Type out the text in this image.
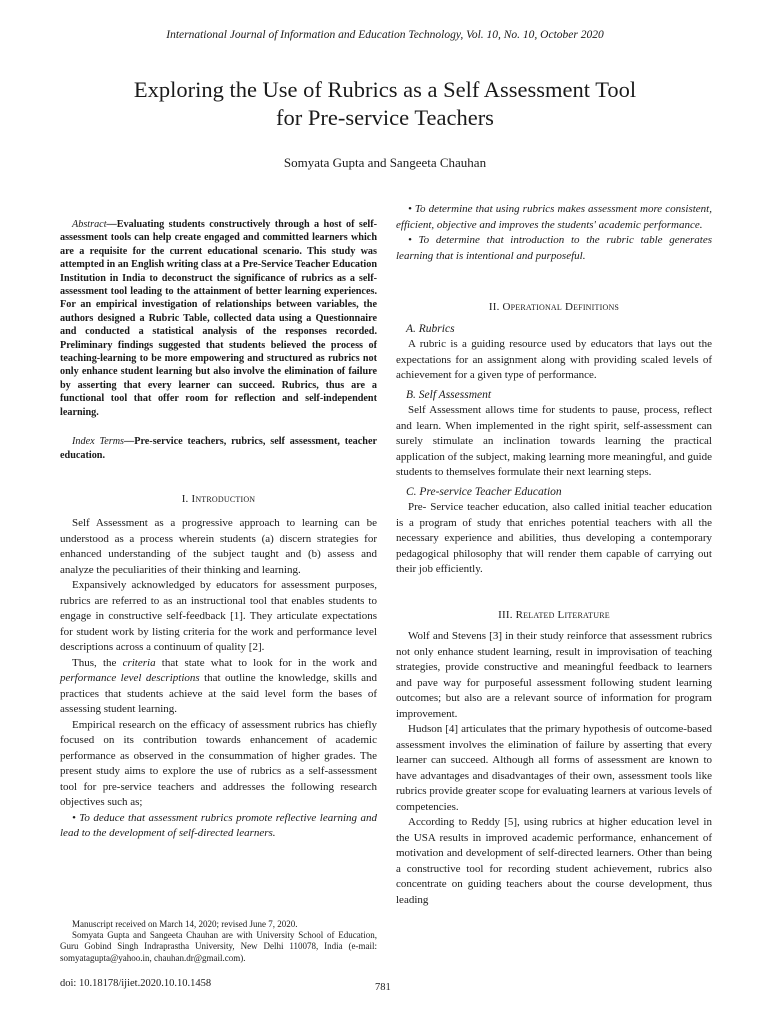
International Journal of Information and Education Technology, Vol. 10, No. 10, October 2020
Exploring the Use of Rubrics as a Self Assessment Tool
for Pre-service Teachers
Somyata Gupta and Sangeeta Chauhan

Abstract—Evaluating students constructively through a host of self-assessment tools can help create engaged and committed learners which are a requisite for the current educational scenario. This study was attempted in an English writing class at a Pre-Service Teacher Education Institution in India to deconstruct the significance of rubrics as a self-assessment tool leading to the attainment of better learning experiences. For an empirical investigation of relationships between variables, the authors designed a Rubric Table, collected data using a Questionnaire and conducted a statistical analysis of the responses recorded. Preliminary findings suggested that students believed the process of teaching-learning to be more empowering and structured as rubrics not only enhance student learning but also involve the elimination of failure by asserting that every learner can succeed. Rubrics, thus are a functional tool that offer room for reflection and self-independent learning.

Index Terms—Pre-service teachers, rubrics, self assessment, teacher education.

I. Introduction

Self Assessment as a progressive approach to learning can be understood as a process wherein students (a) discern strategies for enhanced understanding of the subject taught and (b) assess and analyze the peculiarities of their thinking and learning.

Expansively acknowledged by educators for assessment purposes, rubrics are referred to as an instructional tool that enables students to engage in constructive self-feedback [1]. They articulate expectations for student work by listing criteria for the work and performance level descriptions across a continuum of quality [2].

Thus, the criteria that state what to look for in the work and performance level descriptions that outline the knowledge, skills and practices that students achieve at the said level form the bases of assessing student learning.

Empirical research on the efficacy of assessment rubrics has chiefly focused on its contribution towards enhancement of academic performance as observed in the consummation of higher grades. The present study aims to explore the use of rubrics as a self-assessment tool for pre-service teachers and addresses the following research objectives such as;

• To deduce that assessment rubrics promote reflective learning and lead to the development of self-directed learners.

• To determine that using rubrics makes assessment more consistent, efficient, objective and improves the students' academic performance.

• To determine that introduction to the rubric table generates learning that is intentional and purposeful.

II. Operational Definitions

A. Rubrics

A rubric is a guiding resource used by educators that lays out the expectations for an assignment along with providing scaled levels of achievement for a given type of performance.

B. Self Assessment

Self Assessment allows time for students to pause, process, reflect and learn. When implemented in the right spirit, self-assessment can surely stimulate an inclination towards learning the practical application of the subject, making learning more meaningful, and guide students to themselves formulate their next learning steps.

C. Pre-service Teacher Education

Pre- Service teacher education, also called initial teacher education is a program of study that enriches potential teachers with all the necessary experience and abilities, thus developing a contemporary pedagogical philosophy that will render them capable of carrying out their job efficiently.

III. Related Literature

Wolf and Stevens [3] in their study reinforce that assessment rubrics not only enhance student learning, result in improvisation of teaching strategies, provide constructive and meaningful feedback to learners and pave way for purposeful assessment following student learning outcomes; but also are a relevant source of information for program improvement.

Hudson [4] articulates that the primary hypothesis of outcome-based assessment involves the elimination of failure by asserting that every learner can succeed. Although all forms of assessment are known to have advantages and disadvantages of their own, assessment tools like rubrics provide greater scope for evaluating learners at various levels of competencies.

According to Reddy [5], using rubrics at higher education level in the USA results in improved academic performance, enhancement of motivation and development of self-directed learners. Other than being a constructive tool for recording student achievement, rubrics also concentrate on guiding teachers about the course development, thus leading

Manuscript received on March 14, 2020; revised June 7, 2020.

Somyata Gupta and Sangeeta Chauhan are with University School of Education, Guru Gobind Singh Indraprastha University, New Delhi 110078, India (e-mail: somyatagupta@yahoo.in, chauhan.dr@gmail.com).

doi: 10.18178/ijiet.2020.10.10.1458	781
